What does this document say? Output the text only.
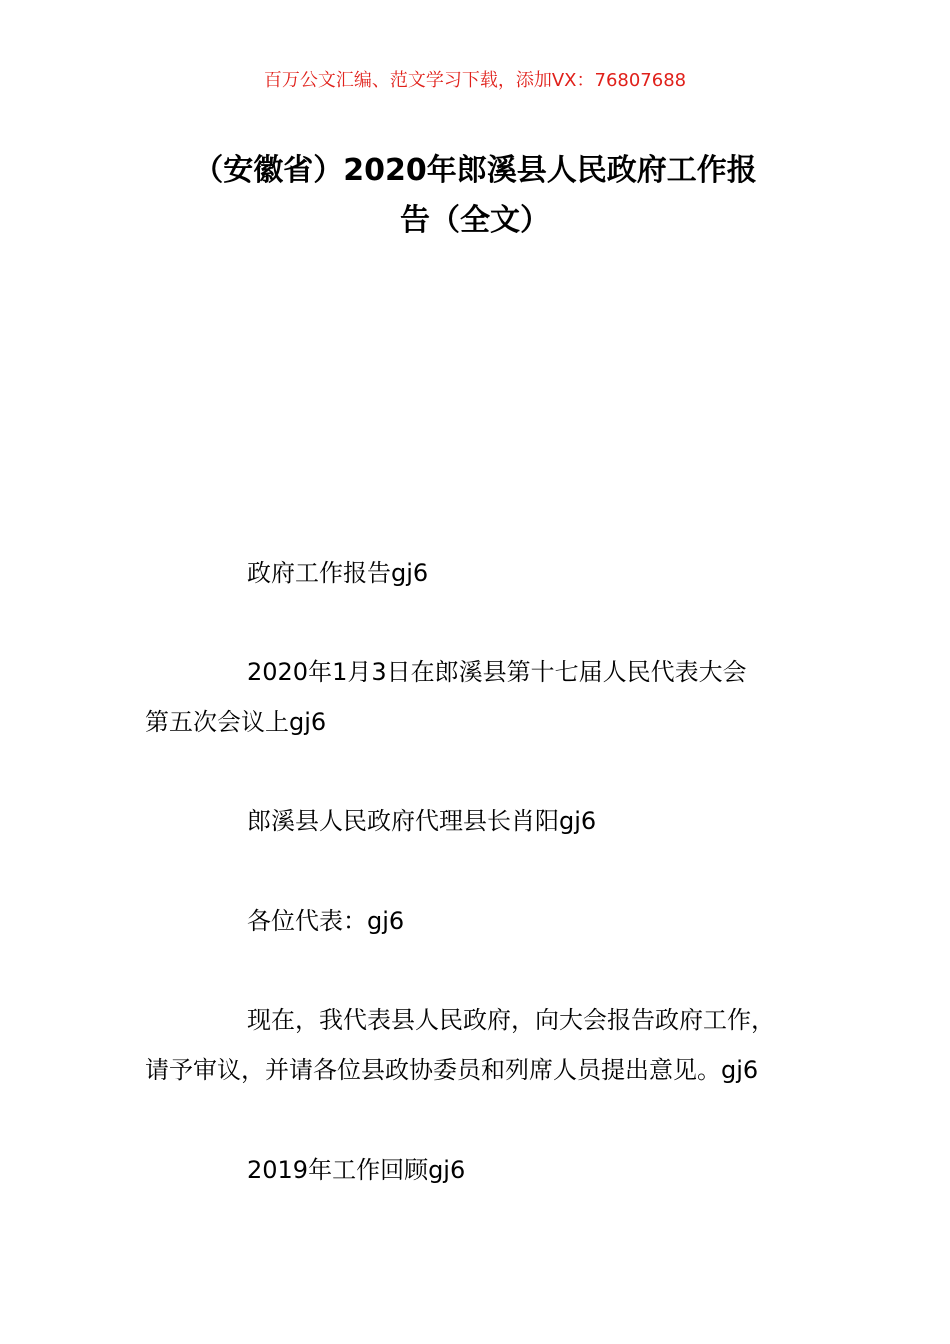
百万公文汇编、范文学习下载，添加VX：76807688
（安徽省）2020年郎溪县人民政府工作报
告（全文）

政府工作报告gj6

2020年1月3日在郎溪县第十七届人民代表大会
第五次会议上gj6

郎溪县人民政府代理县长肖阳gj6

各位代表：gj6

现在，我代表县人民政府，向大会报告政府工作，
请予审议，并请各位县政协委员和列席人员提出意见。gj6

2019年工作回顾gj6
